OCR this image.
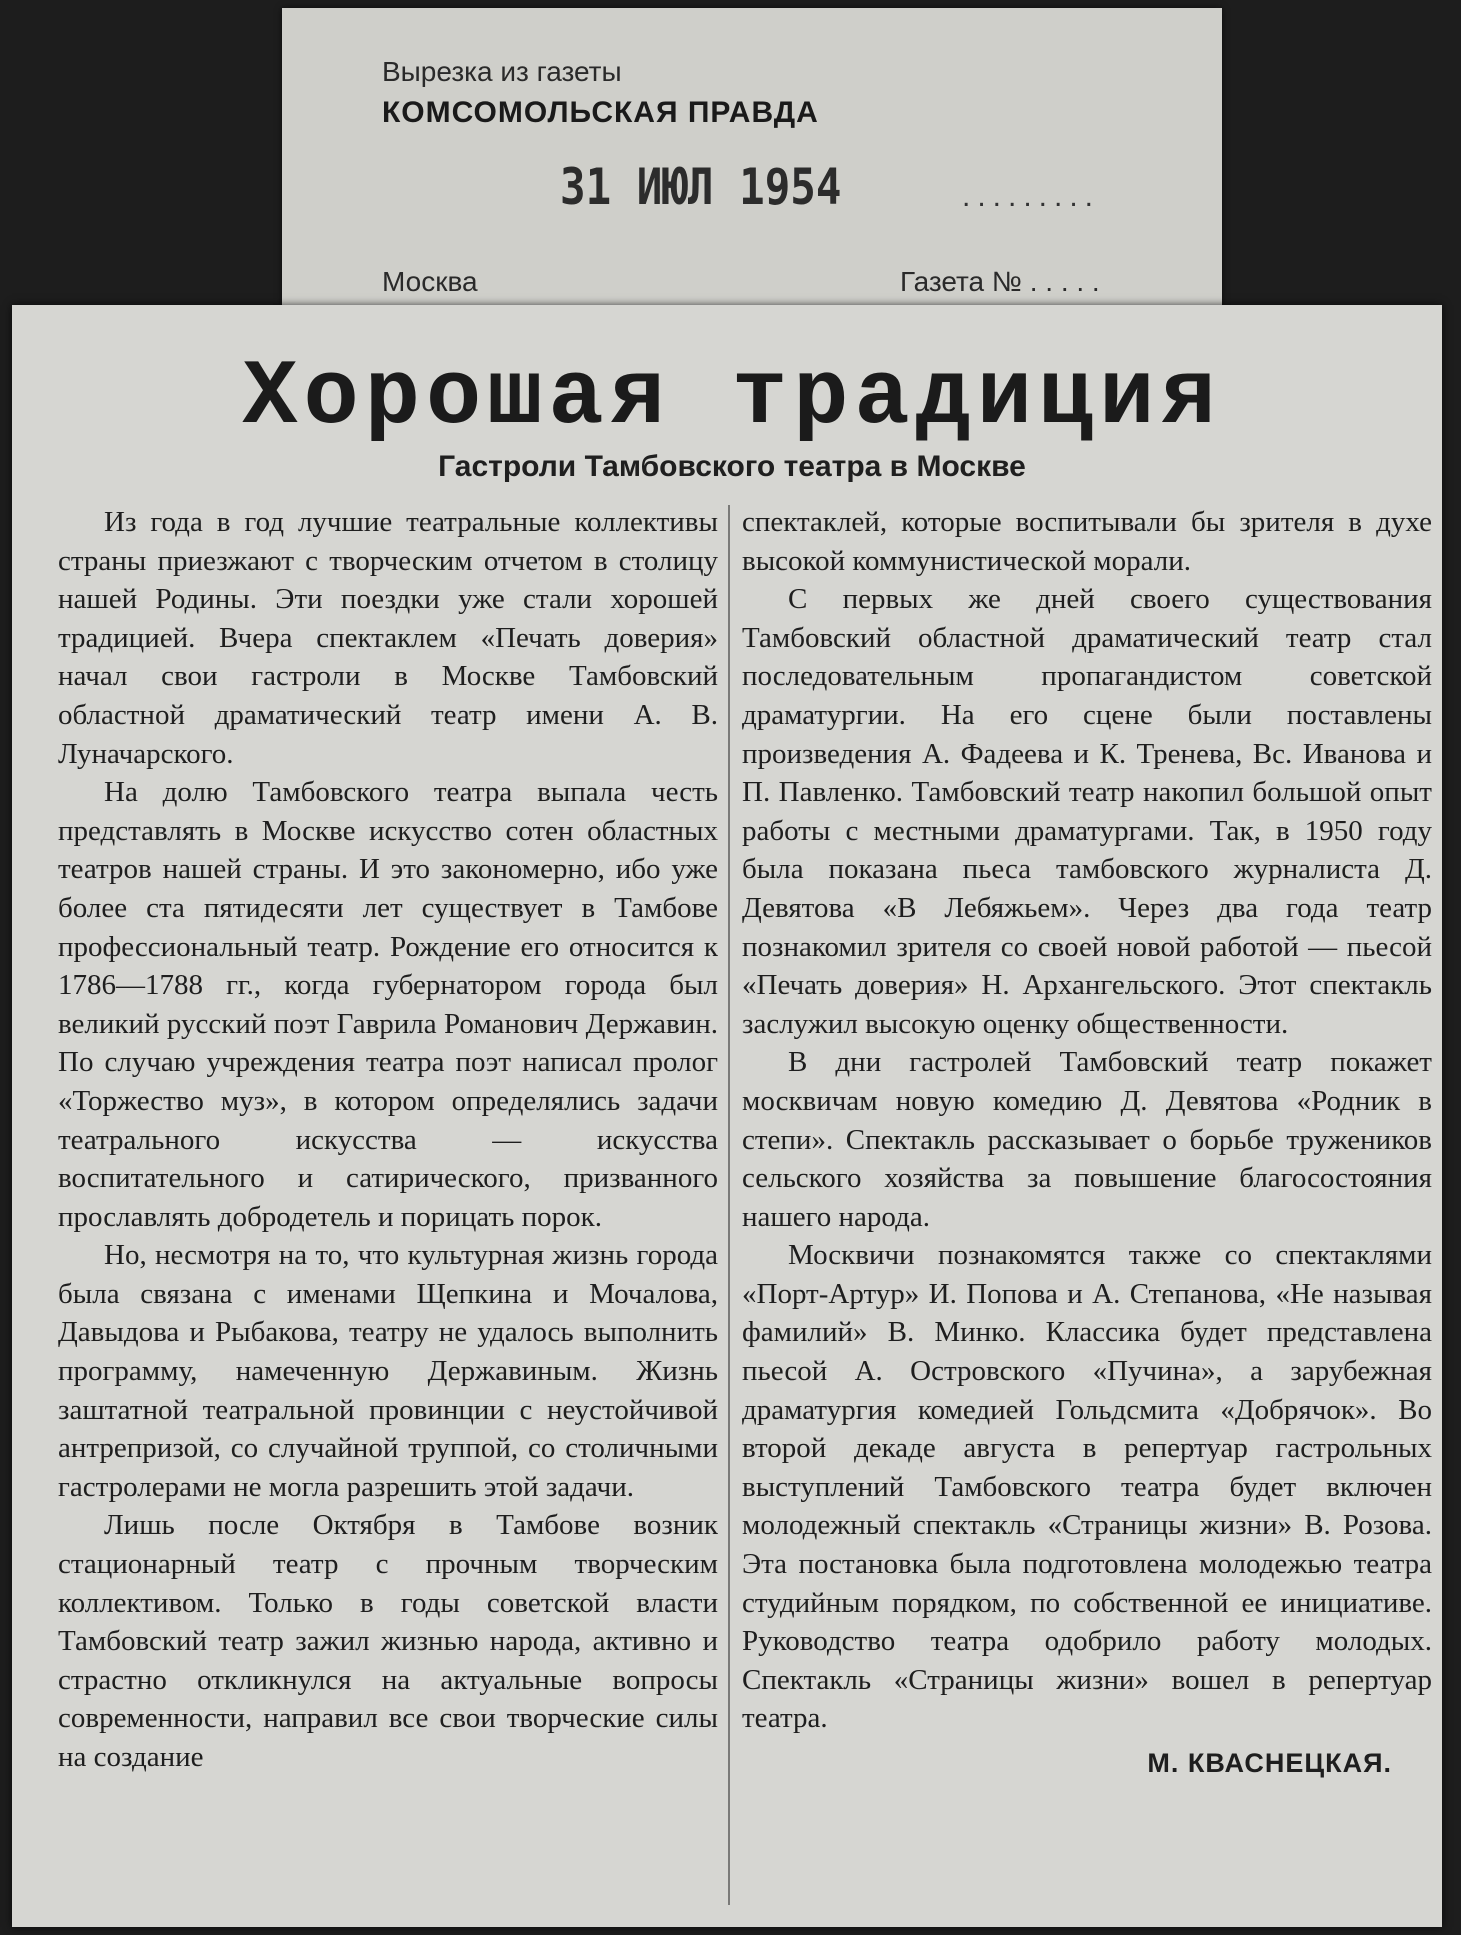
Вырезка из газеты
КОМСОМОЛЬСКАЯ ПРАВДА
31 ИЮЛ 1954	.........
Москва	Газета № . . . . .
Хорошая традиция
Гастроли Тамбовского театра в Москве

Из года в год лучшие театральные коллективы страны приезжают с творческим отчетом в столицу нашей Родины. Эти поездки уже стали хорошей традицией. Вчера спектаклем «Печать доверия» начал свои гастроли в Москве Тамбовский областной драматический театр имени А. В. Луначарского.

На долю Тамбовского театра выпала честь представлять в Москве искусство сотен областных театров нашей страны. И это закономерно, ибо уже более ста пятидесяти лет существует в Тамбове профессиональный театр. Рождение его относится к 1786—1788 гг., когда губернатором города был великий русский поэт Гаврила Романович Державин. По случаю учреждения театра поэт написал пролог «Торжество муз», в котором определялись задачи театрального искусства — искусства воспитательного и сатирического, призванного прославлять добродетель и порицать порок.

Но, несмотря на то, что культурная жизнь города была связана с именами Щепкина и Мочалова, Давыдова и Рыбакова, театру не удалось выполнить программу, намеченную Державиным. Жизнь заштатной театральной провинции с неустойчивой антрепризой, со случайной труппой, со столичными гастролерами не могла разрешить этой задачи.

Лишь после Октября в Тамбове возник стационарный театр с прочным творческим коллективом. Только в годы советской власти Тамбовский театр зажил жизнью народа, активно и страстно откликнулся на актуальные вопросы современности, направил все свои творческие силы на создание

спектаклей, которые воспитывали бы зрителя в духе высокой коммунистической морали.

С первых же дней своего существования Тамбовский областной драматический театр стал последовательным пропагандистом советской драматургии. На его сцене были поставлены произведения А. Фадеева и К. Тренева, Вс. Иванова и П. Павленко. Тамбовский театр накопил большой опыт работы с местными драматургами. Так, в 1950 году была показана пьеса тамбовского журналиста Д. Девятова «В Лебяжьем». Через два года театр познакомил зрителя со своей новой работой — пьесой «Печать доверия» Н. Архангельского. Этот спектакль заслужил высокую оценку общественности.

В дни гастролей Тамбовский театр покажет москвичам новую комедию Д. Девятова «Родник в степи». Спектакль рассказывает о борьбе тружеников сельского хозяйства за повышение благосостояния нашего народа.

Москвичи познакомятся также со спектаклями «Порт-Артур» И. Попова и А. Степанова, «Не называя фамилий» В. Минко. Классика будет представлена пьесой А. Островского «Пучина», а зарубежная драматургия комедией Гольдсмита «Добрячок». Во второй декаде августа в репертуар гастрольных выступлений Тамбовского театра будет включен молодежный спектакль «Страницы жизни» В. Розова. Эта постановка была подготовлена молодежью театра студийным порядком, по собственной ее инициативе. Руководство театра одобрило работу молодых. Спектакль «Страницы жизни» вошел в репертуар театра.

М. КВАСНЕЦКАЯ.
